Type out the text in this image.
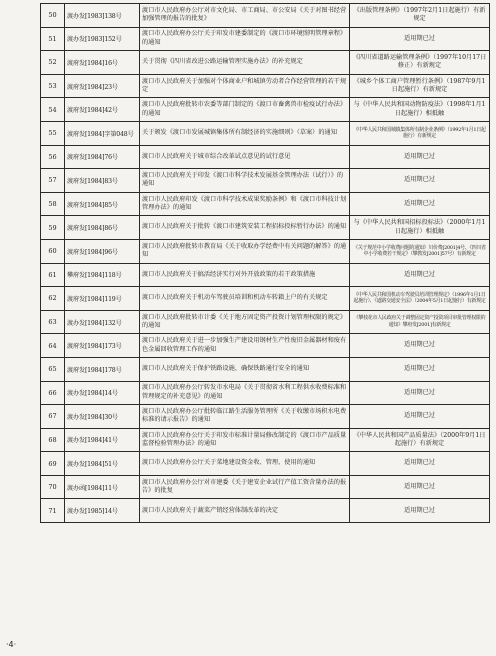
50	渡办发[1983]138号	渡口市人民政府办公厅对市文化局、市工商局、市公安局《关于对图书经营加强管理的报告的批复》	《出版管理条例》（1997年2月1日起施行）有新规定
51	渡办发[1983]152号	渡口市人民政府办公厅关于印发市建委制定的《渡口市环境照明管理章程》的通知	适用期已过
52	渡府发[1984]16号	关于贯彻《四川省改进公路运输管理实施办法》的补充规定	《四川省道路运输管理条例》（1997年10月17日修正）有新规定
53	渡府发[1984]23号	渡口市人民政府关于加强对个体商业户和城镇劳动者合作经营管理的若干规定	《城乡个体工商户管理暂行条例》（1987年9月1日起施行）有新规定
54	渡府发[1984]42号	渡口市人民政府批转市农委等部门制定的《渡口市畜禽兽市检疫试行办法》的通知	与《中华人民共和国动物防疫法》（1998年1月1日起施行）相抵触
55	渡府发[1984]字第048号	关于颁发《渡口市发展城镇集体所有制经济的实施细则》（草案）的通知	《中华人民共和国城镇集体所有制企业条例》（1992年1月1日起施行）有新规定
56	渡府发[1984]76号	渡口市人民政府关于城市综合改革试点意见的试行意见	适用期已过
57	渡府发[1984]83号	渡口市人民政府关于印发《渡口市科学技术发展基金管理办法（试行）》的通知	适用期已过
58	渡府发[1984]85号	渡口市人民政府印发《渡口市科学技术成果奖励条例》和《渡口市科技计划管理办法》的通知	适用期已过
59	渡府发[1984]86号	渡口市人民政府关于批转《渡口市建筑安装工程招标投标暂行办法》的通知	与《中华人民共和国招标投标法》（2000年1月1日起施行）相抵触
60	渡府发[1984]96号	渡口市人民政府批转市教育局《关于收取办学经费中有关问题的解答》的通知	《关于规范中小学收费问题的通知》川价费[2001]4号、《四川省中小学收费若干规定》（攀教发[2001]57号）有新规定
61	攀府发[1984]118号	渡口市人民政府关于搞活经济实行对外开放政策的若干政策措施	适用期已过
62	渡府发[1984]119号	渡口市人民政府关于机动车驾驶员培训和机动车转籍上户的有关规定	《中华人民共和国机动车驾驶员培训管理规定》（1996年1月1日起施行）、《道路交通安全法》（2004年5月1日起施行）有新规定
63	渡办发[1984]132号	渡口市人民政府批转市计委《关于地方固定资产投资计划管理权限的规定》的通知	《攀枝花市人民政府关于调整固定资产投资项目审批管理权限的通知》攀府发[2001]有新规定
64	渡府发[1984]173号	渡口市人民政府关于进一步加强生产建设用钢材生产性废旧金属器材和废有色金属回收管理工作的通知	适用期已过
65	渡府发[1984]178号	渡口市人民政府关于保护铁路设施、确保铁路通行安全的通知	适用期已过
66	渡办发[1984]14号	渡口市人民政府办公厅转发市水电局《关于贯彻省水利工程供水收费标准和管理规定的补充意见》的通知	适用期已过
67	渡办发[1984]30号	渡口市人民政府办公厅批转临江路生活服务管理所《关于收缴市场积水电费标准的请示报告》的通知	适用期已过
68	渡办发[1984]41号	渡口市人民政府办公厅关于印发市标准计量局修改制定的《渡口市产品质量监督检验管理办法》的通知	《中华人民共和国产品质量法》（2000年9月1日起施行）有新规定
69	渡办发[1984]51号	渡口市人民政府办公厅关于菜地建设资金收、管理、使用的通知	适用期已过
70	渡办函[1984]11号	渡口市人民政府办公厅对市建委《关于建安企业试行产值工资含量办法的报告》的批复	适用期已过
71	渡办发[1985]14号	渡口市人民政府关于蔬菜产销经营体制改革的决定	适用期已过
·4·
